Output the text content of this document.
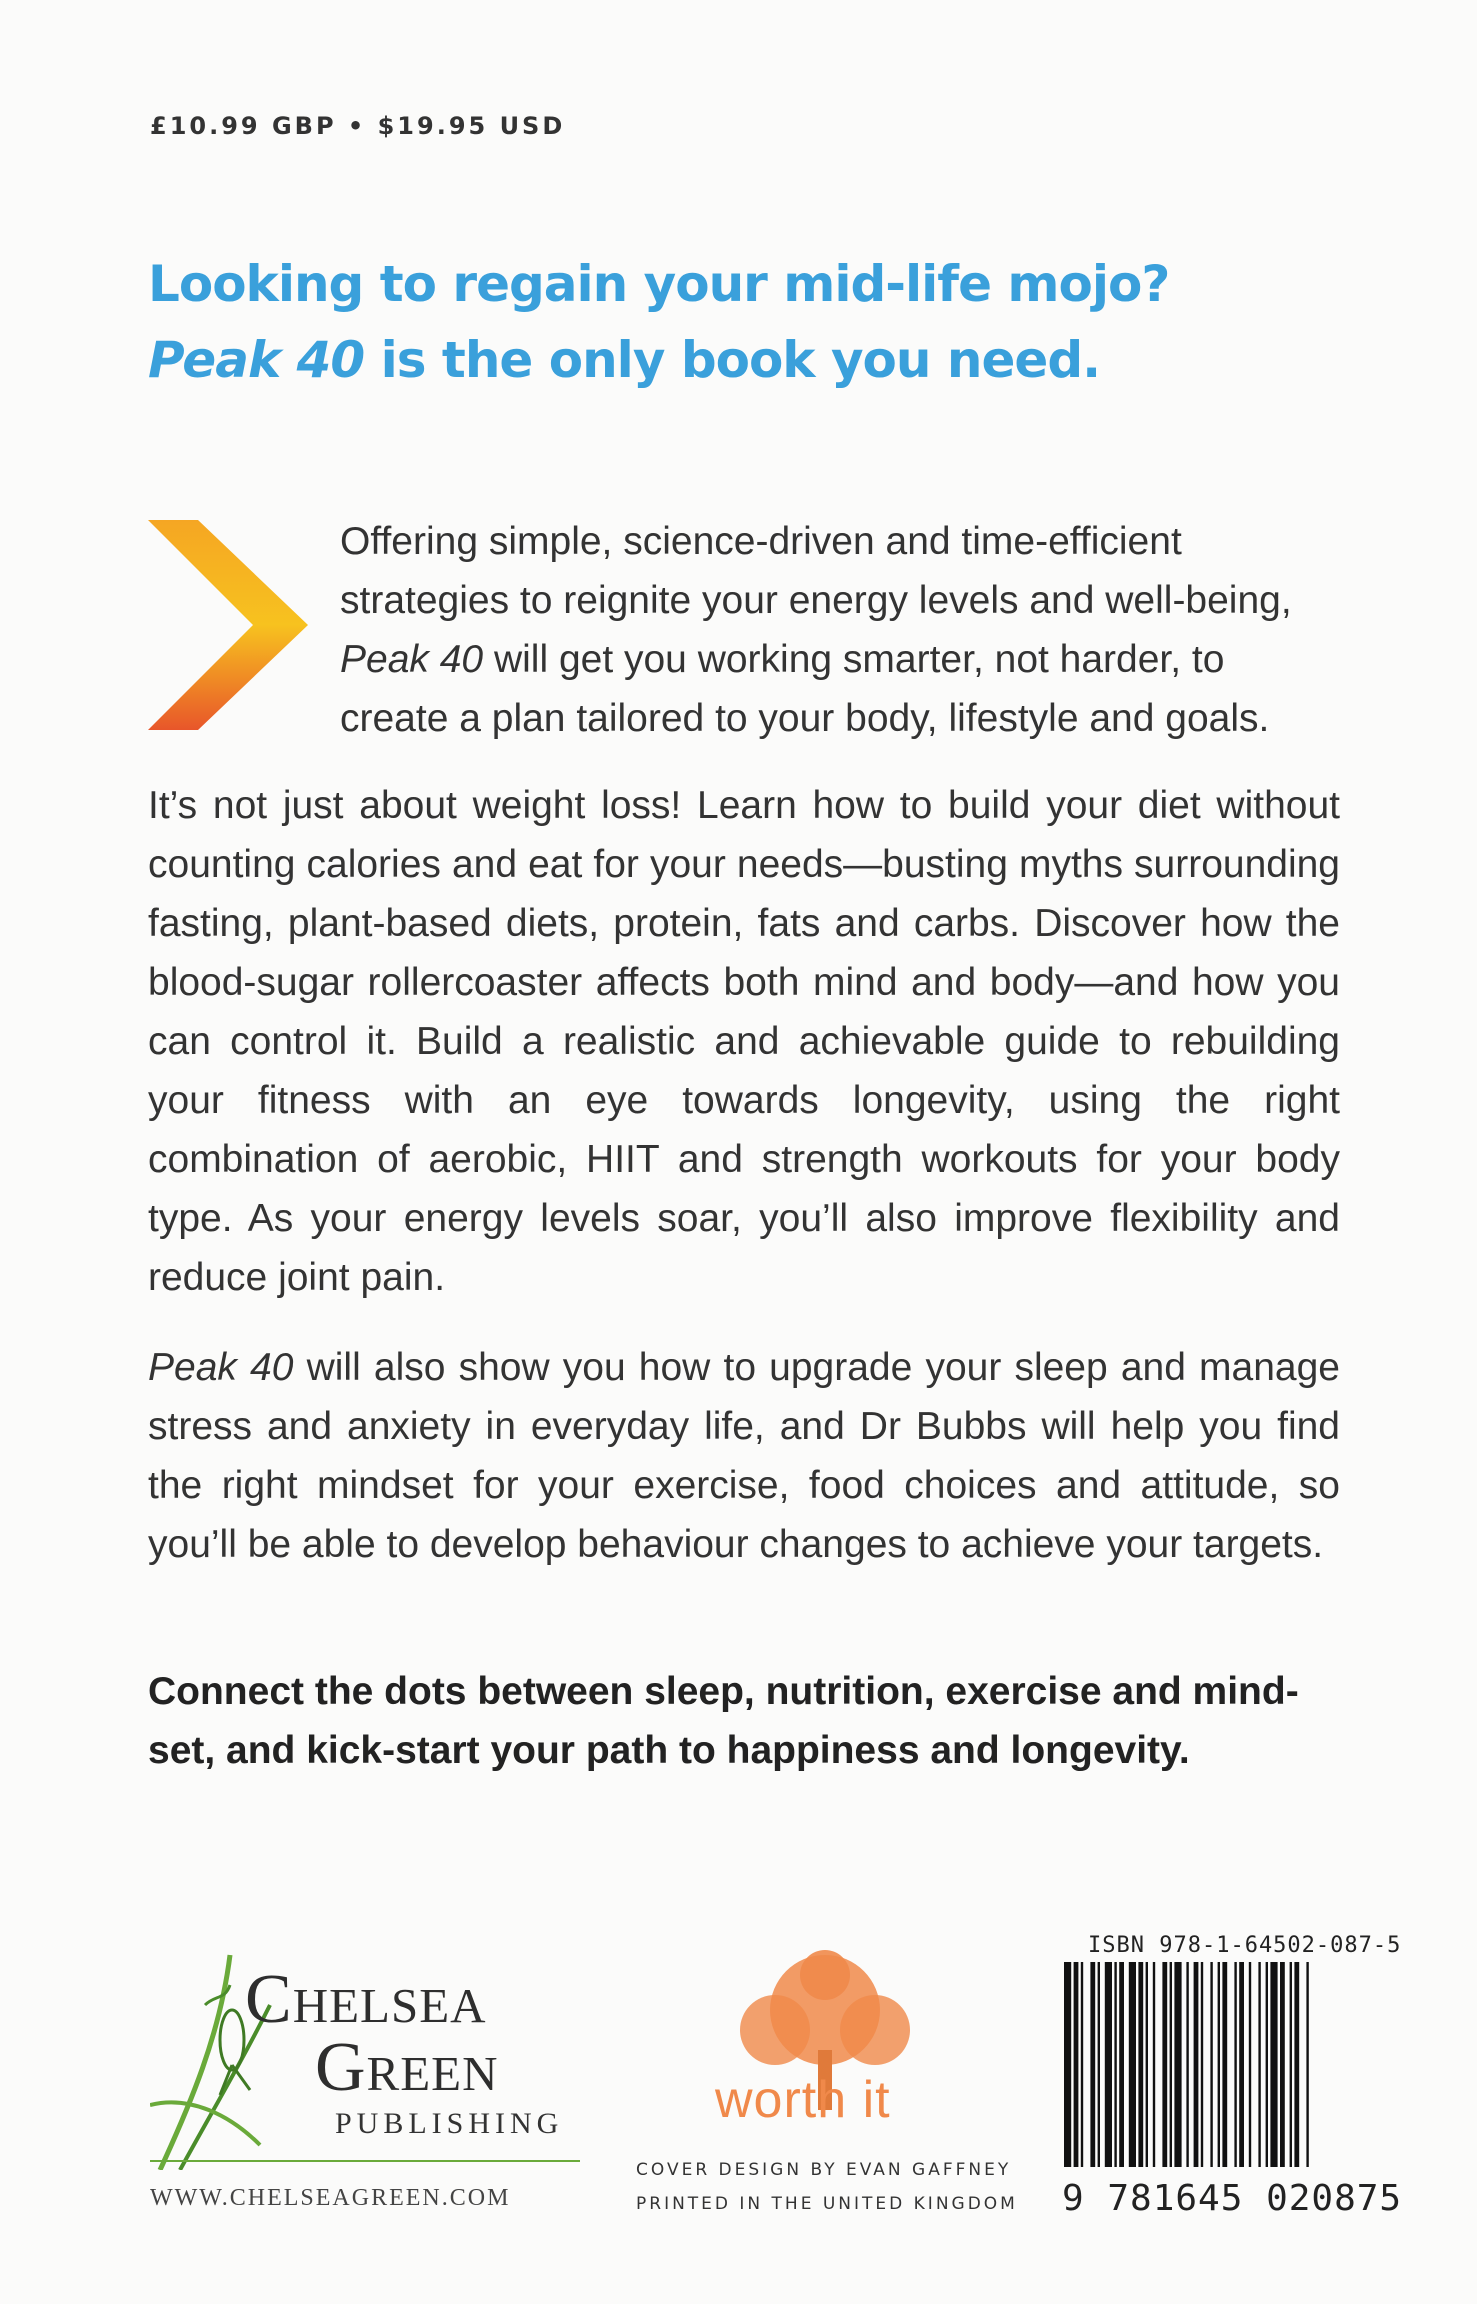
£10.99 GBP • $19.95 USD
Looking to regain your mid-life mojo?
Peak 40 is the only book you need.
Offering simple, science-driven and time-efficient strategies to reignite your energy levels and well-being, Peak 40 will get you working smarter, not harder, to create a plan tailored to your body, lifestyle and goals.
It’s not just about weight loss! Learn how to build your diet without counting calories and eat for your needs—busting myths surrounding fasting, plant-based diets, protein, fats and carbs. Discover how the blood-sugar rollercoaster affects both mind and body—and how you can control it. Build a realistic and achievable guide to rebuilding your fitness with an eye towards longevity, using the right combination of aerobic, HIIT and strength workouts for your body type. As your energy levels soar, you’ll also improve flexibility and reduce joint pain.
Peak 40 will also show you how to upgrade your sleep and manage stress and anxiety in everyday life, and Dr Bubbs will help you find the right mindset for your exercise, food choices and attitude, so you’ll be able to develop behaviour changes to achieve your targets.
Connect the dots between sleep, nutrition, exercise and mind-set, and kick-start your path to happiness and longevity.
Chelsea
Green
PUBLISHING
WWW.CHELSEAGREEN.COM
worth it
COVER DESIGN BY EVAN GAFFNEY
PRINTED IN THE UNITED KINGDOM
ISBN 978-1-64502-087-5
9 781645 020875
